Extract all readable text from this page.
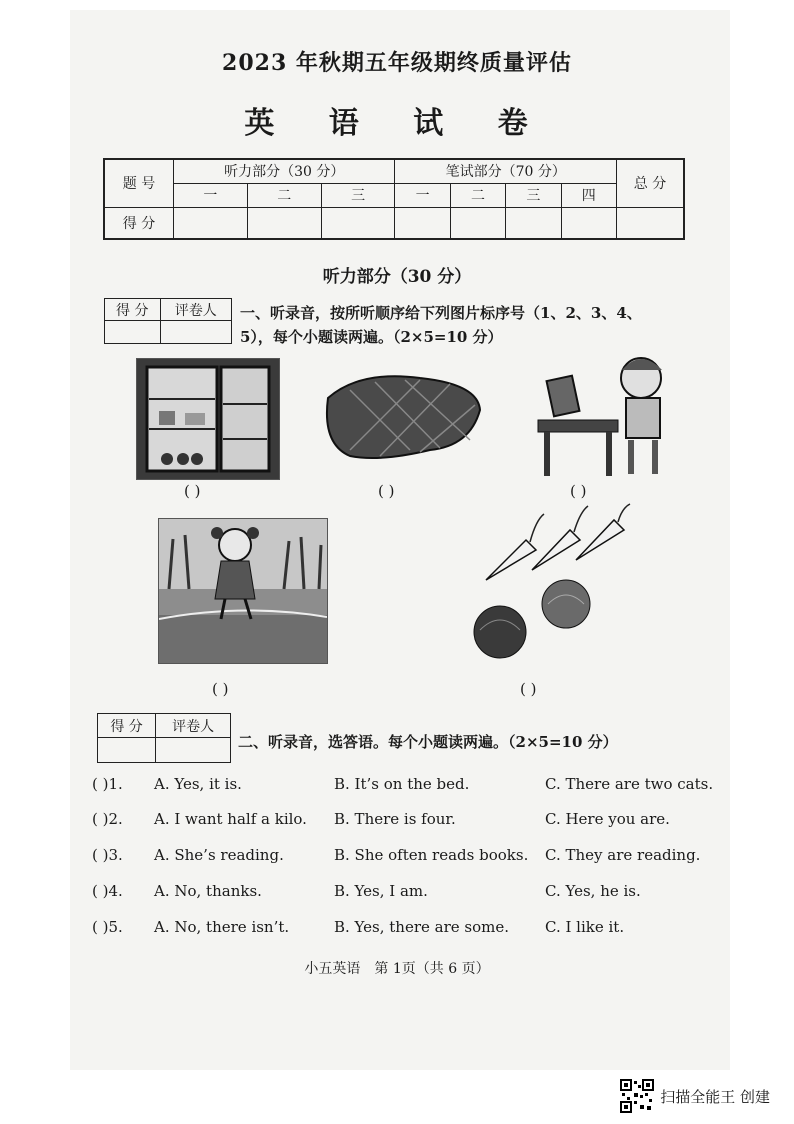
2023 年秋期五年级期终质量评估
英 语 试 卷
题 号	听力部分（30 分）			笔试部分（70 分）				总 分
	一	二	三	一	二	三	四	
得 分								
听力部分（30 分）
得 分	评卷人
	一、听录音，按所听顺序给下列图片标序号（1、2、3、4、
5），每个小题读两遍。（2×5=10 分）
( )	( )	( )
( )	( )
得 分	评卷人

二、听录音，选答语。每个小题读两遍。（2×5=10 分）
( )1. A. Yes, it is.	B. It’s on the bed.	C. There are two cats.
( )2. A. I want half a kilo. B. There is four.	C. Here you are.
( )3. A. She’s reading.	B. She often reads books. C. They are reading.
( )4. A. No, thanks.	B. Yes, I am.	C. Yes, he is.
( )5. A. No, there isn’t.	B. Yes, there are some. C. I like it.
小五英语　第 1页（共 6 页）
扫描全能王 创建
